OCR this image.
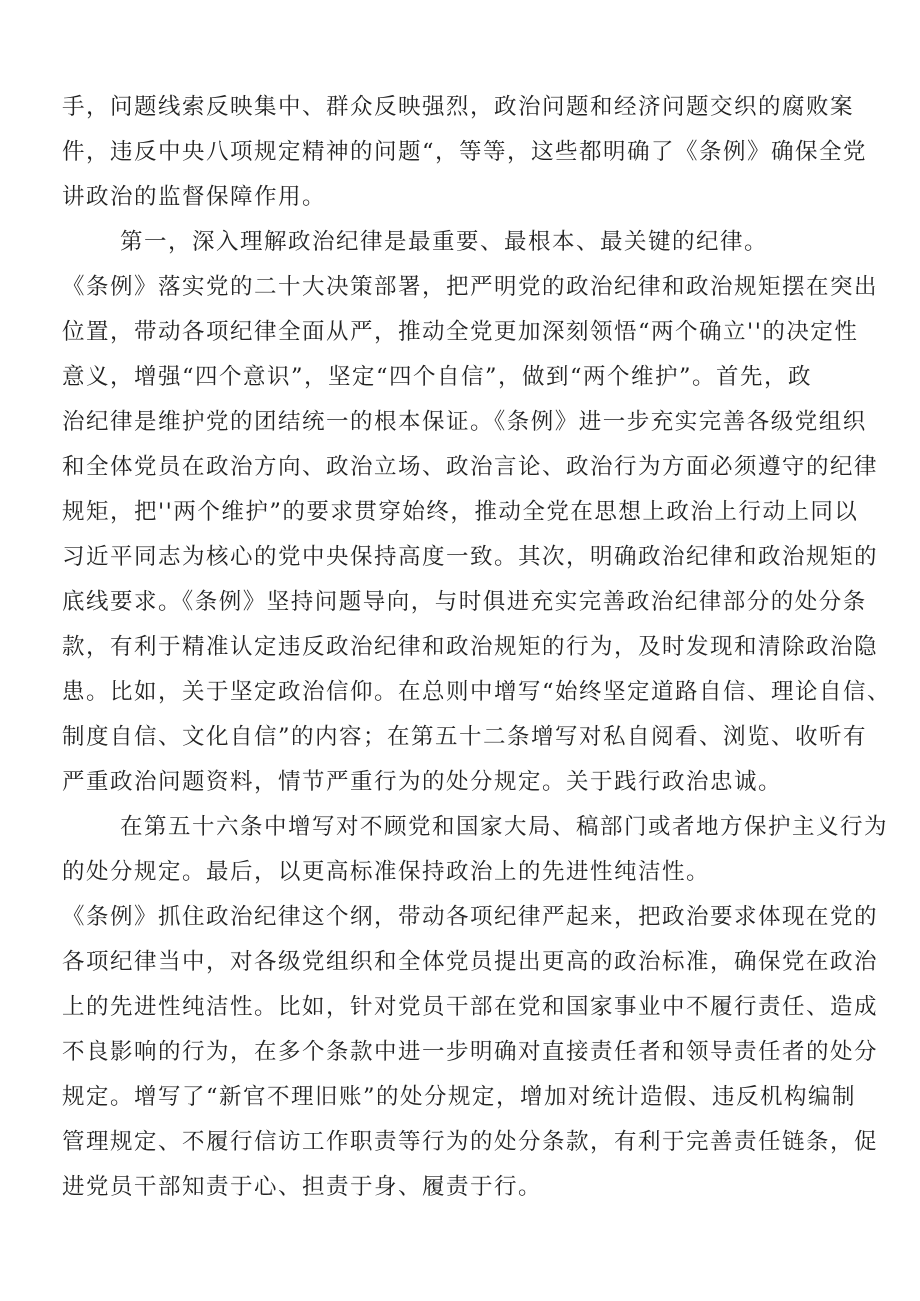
手，问题线索反映集中、群众反映强烈，政治问题和经济问题交织的腐败案
件，违反中央八项规定精神的问题“，等等，这些都明确了《条例》确保全党
讲政治的监督保障作用。
第一，深入理解政治纪律是最重要、最根本、最关键的纪律。
《条例》落实党的二十大决策部署，把严明党的政治纪律和政治规矩摆在突出
位置，带动各项纪律全面从严，推动全党更加深刻领悟“两个确立''的决定性
意义，增强“四个意识”，坚定“四个自信”，做到“两个维护”。首先，政
治纪律是维护党的团结统一的根本保证。《条例》进一步充实完善各级党组织
和全体党员在政治方向、政治立场、政治言论、政治行为方面必须遵守的纪律
规矩，把''两个维护”的要求贯穿始终，推动全党在思想上政治上行动上同以
习近平同志为核心的党中央保持高度一致。其次，明确政治纪律和政治规矩的
底线要求。《条例》坚持问题导向，与时俱进充实完善政治纪律部分的处分条
款，有利于精准认定违反政治纪律和政治规矩的行为，及时发现和清除政治隐
患。比如，关于坚定政治信仰。在总则中增写“始终坚定道路自信、理论自信、
制度自信、文化自信”的内容；在第五十二条增写对私自阅看、浏览、收听有
严重政治问题资料，情节严重行为的处分规定。关于践行政治忠诚。
在第五十六条中增写对不顾党和国家大局、稿部门或者地方保护主义行为
的处分规定。最后，以更高标准保持政治上的先进性纯洁性。
《条例》抓住政治纪律这个纲，带动各项纪律严起来，把政治要求体现在党的
各项纪律当中，对各级党组织和全体党员提出更高的政治标准，确保党在政治
上的先进性纯洁性。比如，针对党员干部在党和国家事业中不履行责任、造成
不良影响的行为，在多个条款中进一步明确对直接责任者和领导责任者的处分
规定。增写了“新官不理旧账”的处分规定，增加对统计造假、违反机构编制
管理规定、不履行信访工作职责等行为的处分条款，有利于完善责任链条，促
进党员干部知责于心、担责于身、履责于行。
